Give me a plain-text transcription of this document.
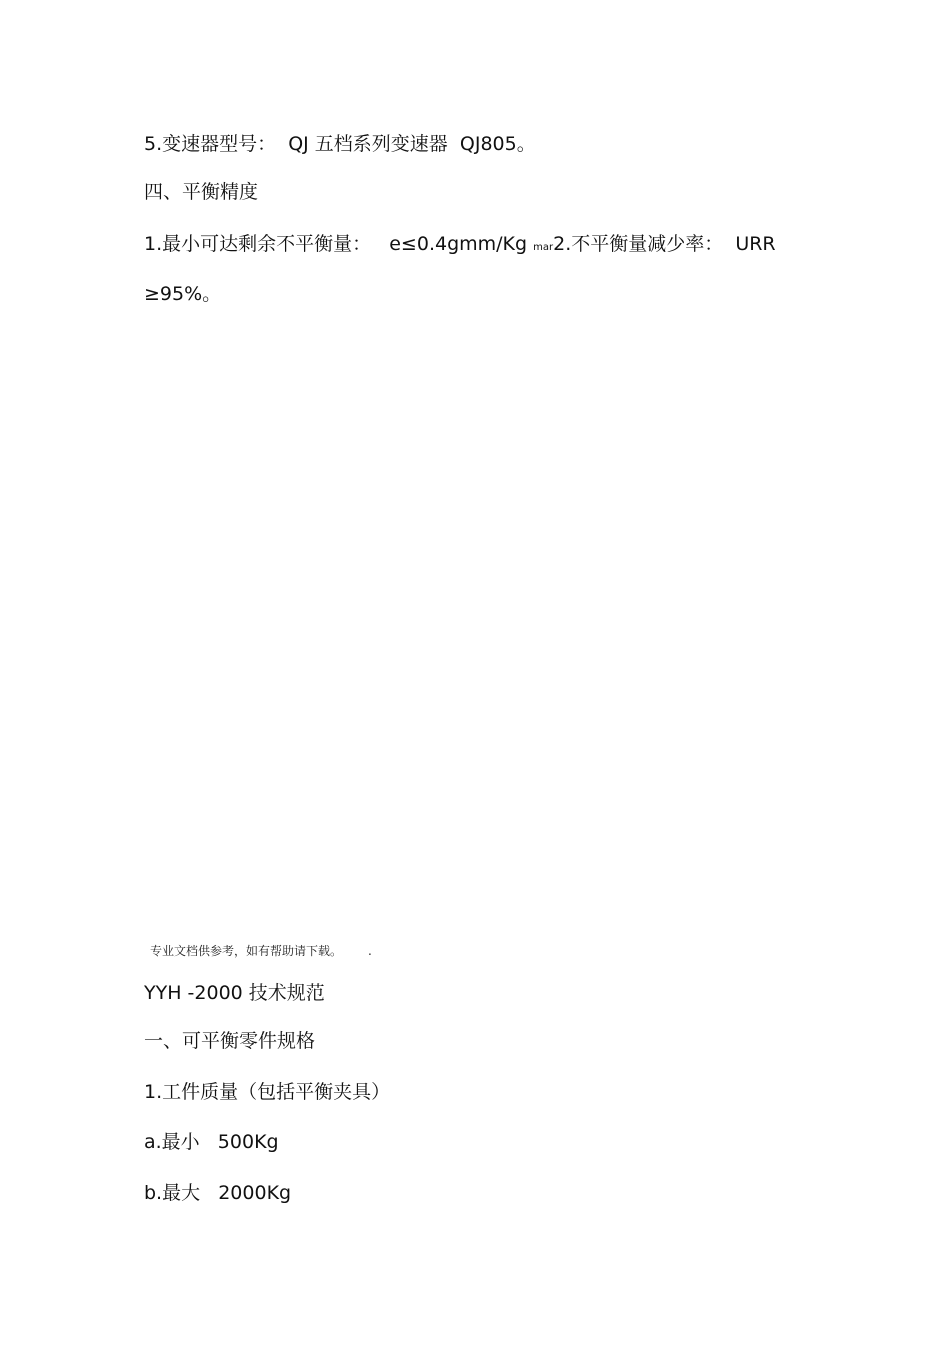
5.变速器型号：  QJ 五档系列变速器  QJ805。

四、平衡精度

1.最小可达剩余不平衡量：   e≤0.4gmm/Kg mar2.不平衡量减少率：  URR

≥95%。

专业文档供参考，如有帮助请下载。 .

YYH -2000 技术规范

一、可平衡零件规格

1.工件质量（包括平衡夹具）

a.最小   500Kg

b.最大   2000Kg
